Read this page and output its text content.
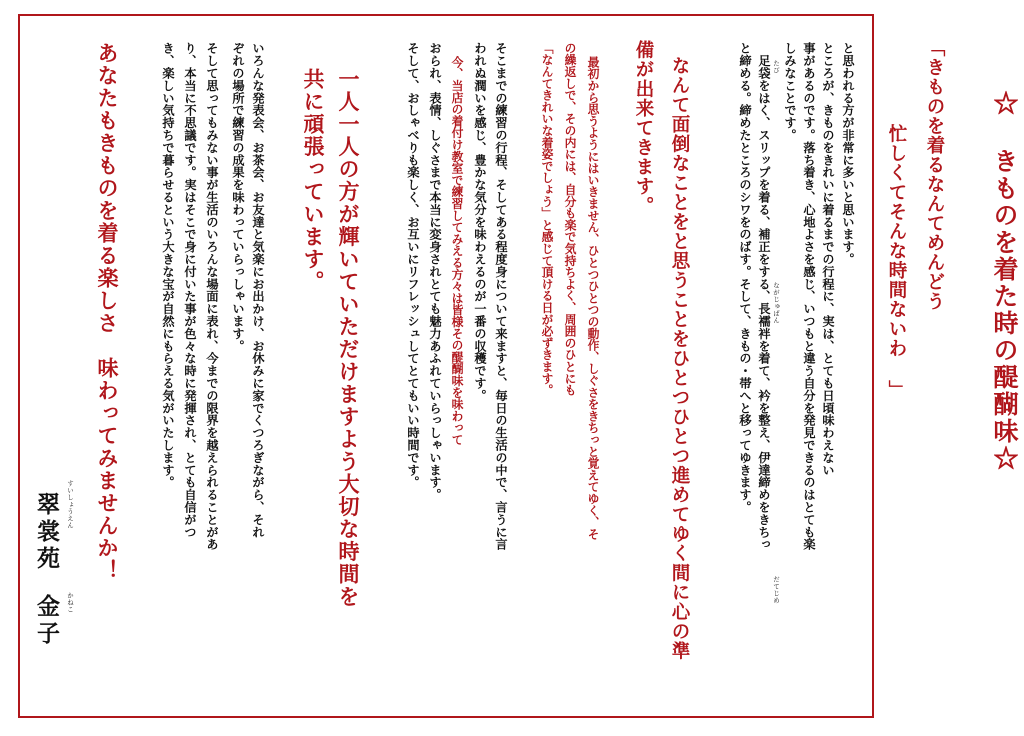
☆ きものを着た時の醍醐味☆

「きものを着るなんてめんどう

忙しくてそんな時間ないわ 」

と思われる方が非常に多いと思います。

ところが、きものをきれいに着るまでの行程に、実は、とても日頃味わえない

事があるのです。落ち着き、心地よさを感じ、いつもと違う自分を発見できるのはとても楽

しみなことです。

たび

　足袋をはく、スリップを着る、補正をする、長襦袢を着て、衿を整え、伊達締めをきちっ

と締める。締めたところのシワをのばす。そして、きもの・帯へと移ってゆきます。	ながじゅばん
だてじめ

なんて面倒なことをと思うことをひとつひとつ進めてゆく間に心の準

備が出来てきます。

最初から思うようにはいきません、ひとつひとつの動作、しぐさをきちっと覚えてゆく、そ

の繰返しで、その内には、自分も楽で気持ちよく、周囲のひとにも

「なんてきれいな着姿でしょう」と感じて頂ける日が必ずきます。

そこまでの練習の行程、そしてある程度身について来ますと、毎日の生活の中で、言うに言

われぬ潤いを感じ、豊かな気分を味わえるのが一番の収穫です。

今、当店の着付け教室で練習してみえる方々は皆様その醍醐味を味わって

おられ、表情、しぐさまで本当に変身されとても魅力あふれていらっしゃいます。

そして、おしゃべりも楽しく、お互いにリフレッシュしてとてもいい時間です。

一人一人の方が輝いていただけますよう大切な時間を

共に頑張っています。

いろんな発表会、お茶会、お友達と気楽にお出かけ、お休みに家でくつろぎながら、それ

ぞれの場所で練習の成果を味わっていらっしゃいます。

そして思ってもみない事が生活のいろんな場面に表れ、今までの限界を越えられることがあ

り、本当に不思議です。実はそこで身に付いた事が色々な時に発揮され、とても自信がつ

き、楽しい気持ちで暮らせるという大きな宝が自然にもらえる気がいたします。

あなたもきものを着る楽しさ　味わってみませんか！

すいしょうえん
翠裳苑
かねこ
金子
